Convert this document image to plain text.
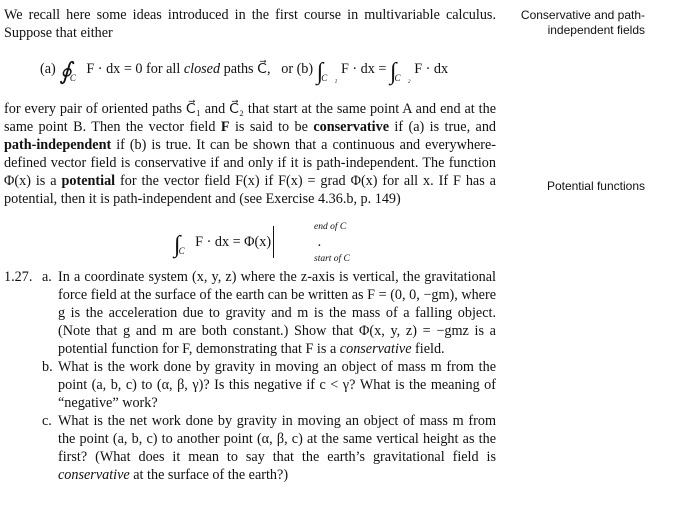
Conservative and path-independent fields
Potential functions

We recall here some ideas introduced in the first course in multivariable calculus. Suppose that either

(a) $∮_{C⃗}$ F · dx = 0 for all closed paths C⃗, or (b) $\int_{C⃗_1}$ F · dx = $\int_{C⃗_2}$ F · dx

for every pair of oriented paths C⃗₁ and C⃗₂ that start at the same point A and end at the same point B. Then the vector field F is said to be conservative if (a) is true, and path-independent if (b) is true. It can be shown that a continuous and everywhere-defined vector field is conservative if and only if it is path-independent. The function Φ(x) is a potential for the vector field F(x) if F(x) = grad Φ(x) for all x. If F has a potential, then it is path-independent and (see Exercise 4.36.b, p. 149)

$\int_{C⃗}$ F · dx = Φ(x)
end of C⃗
start of C⃗
.
1.27. a. In a coordinate system (x, y, z) where the z-axis is vertical, the gravitational force field at the surface of the earth can be written as F = (0, 0, −gm), where g is the acceleration due to gravity and m is the mass of a falling object. (Note that g and m are both constant.) Show that Φ(x, y, z) = −gmz is a potential function for F, demonstrating that F is a conservative field.
b. What is the work done by gravity in moving an object of mass m from the point (a, b, c) to (α, β, γ)? Is this negative if c < γ? What is the meaning of “negative” work?
c. What is the net work done by gravity in moving an object of mass m from the point (a, b, c) to another point (α, β, c) at the same vertical height as the first? (What does it mean to say that the earth’s gravitational field is conservative at the surface of the earth?)
